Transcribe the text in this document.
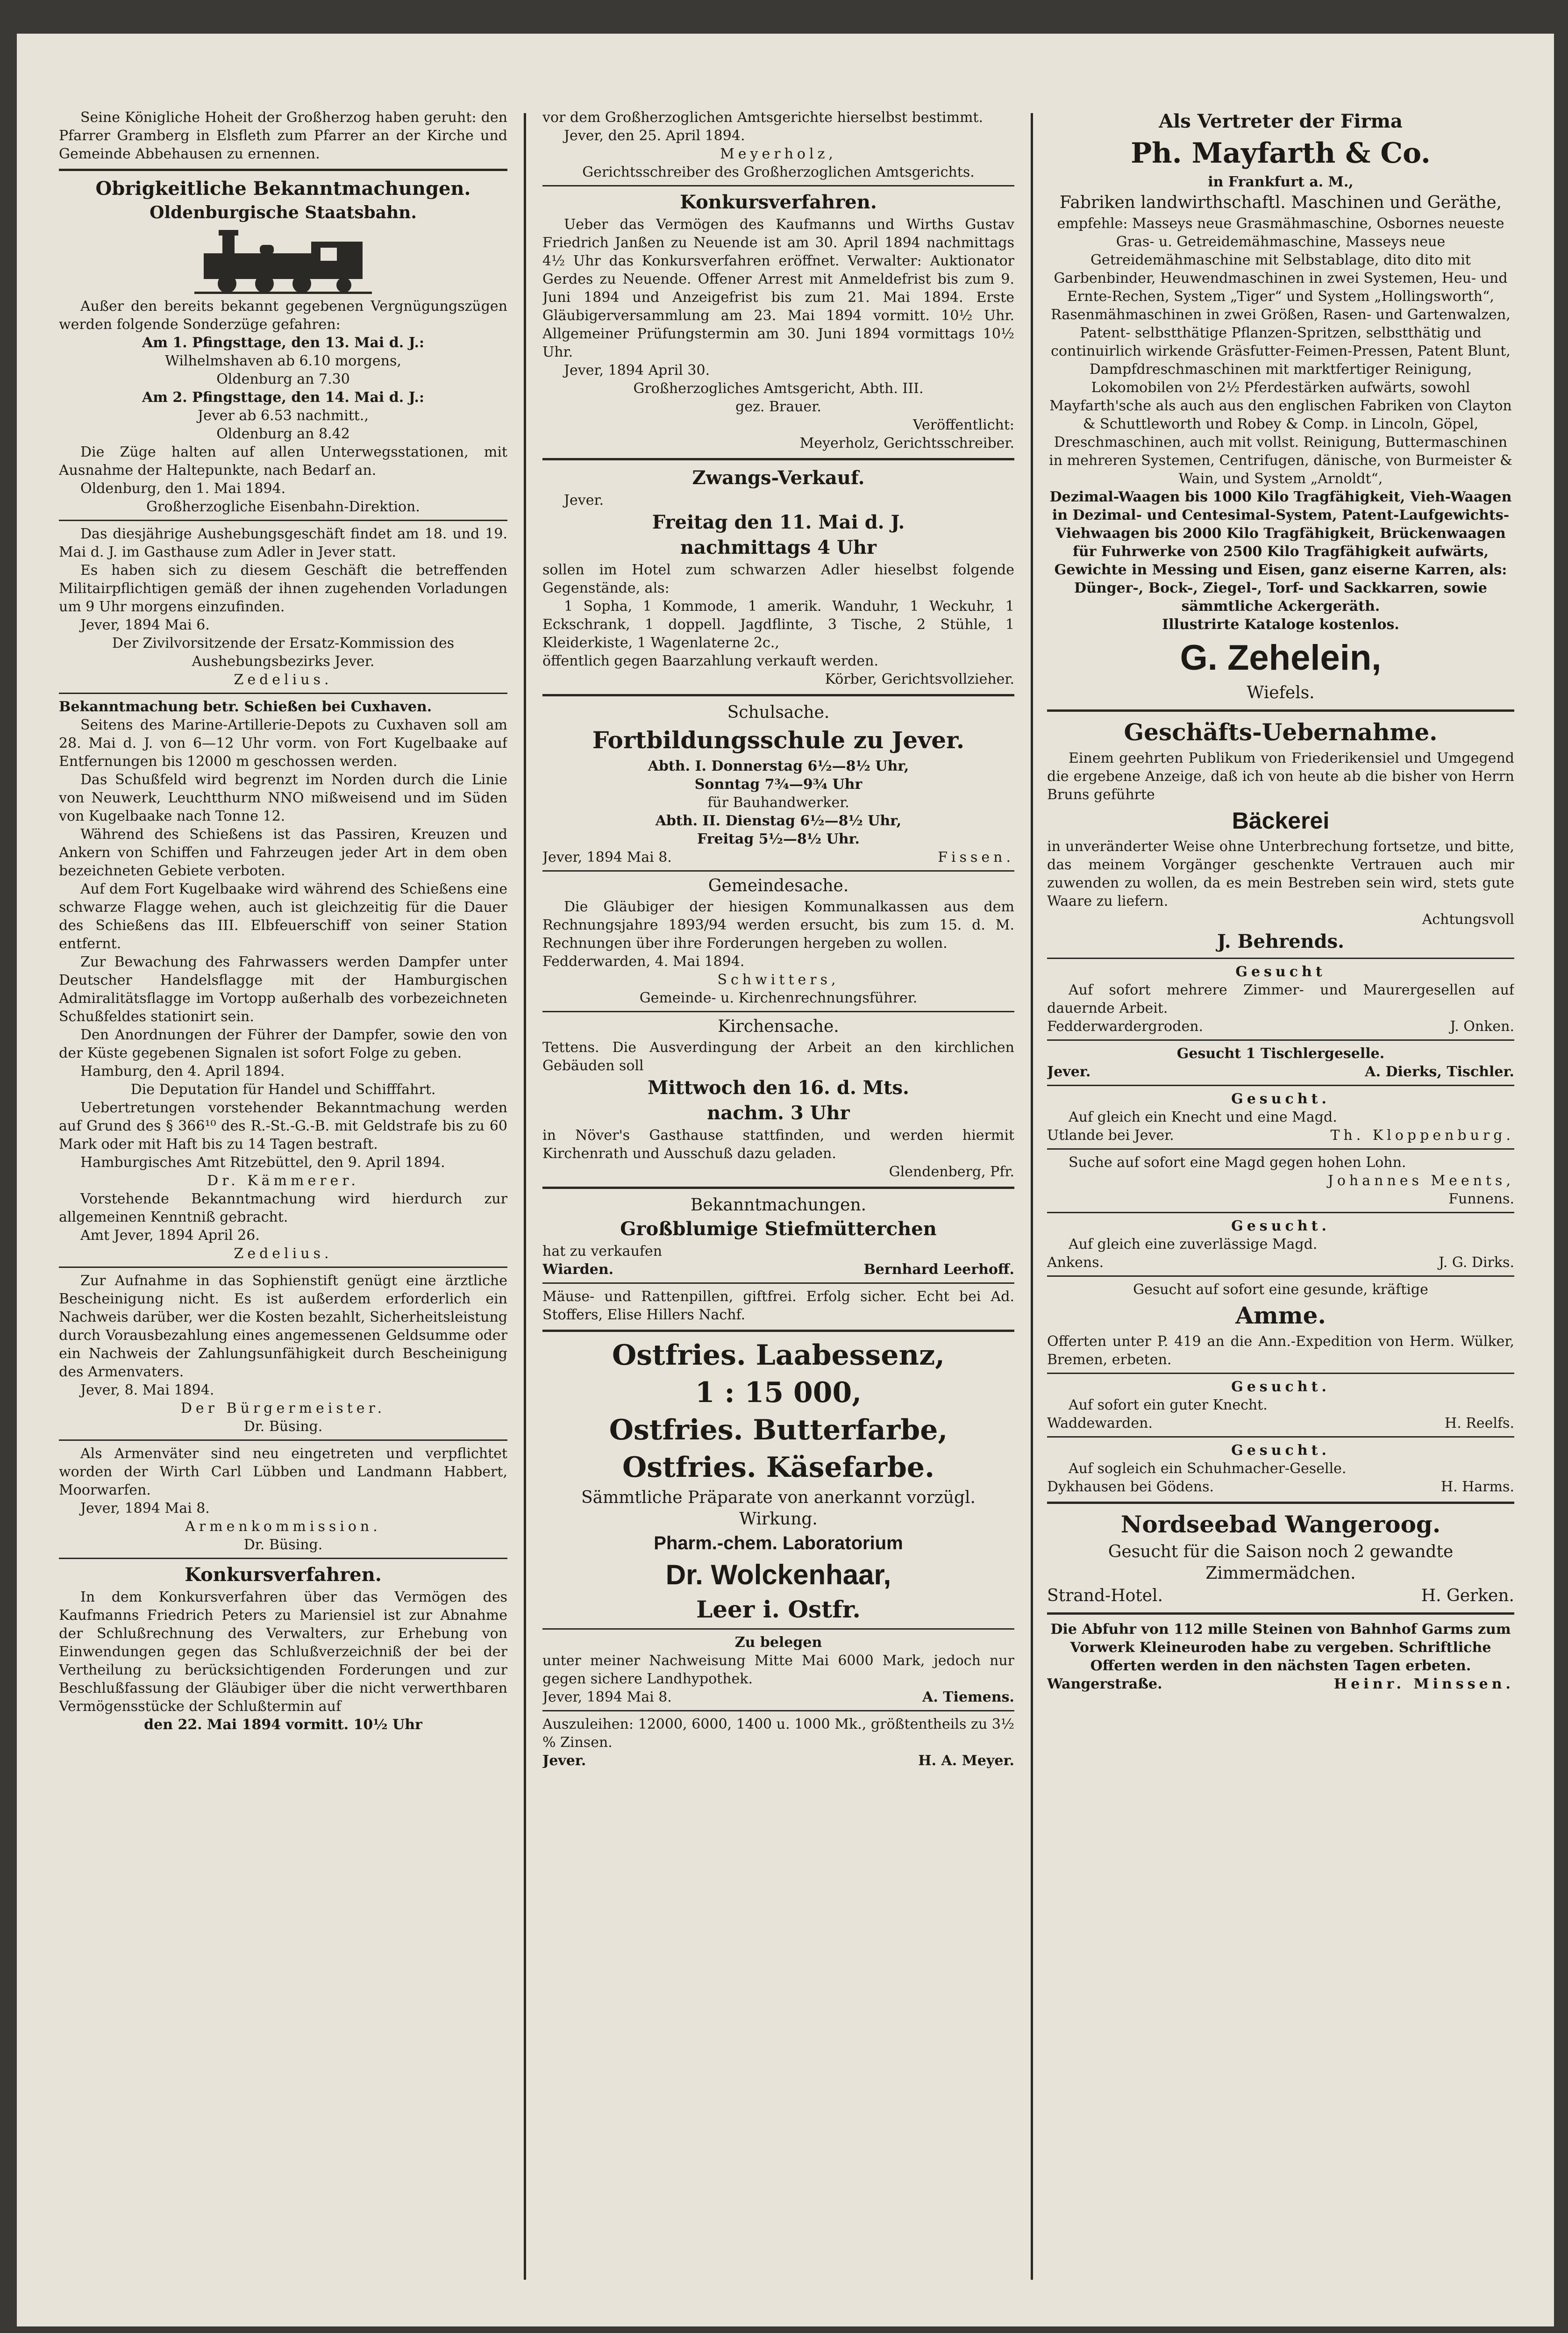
Seine Königliche Hoheit der Großherzog haben geruht: den Pfarrer Gramberg in Elsfleth zum Pfarrer an der Kirche und Gemeinde Abbehausen zu ernennen.

Obrigkeitliche Bekanntmachungen.
Oldenburgische Staatsbahn.

Außer den bereits bekannt gegebenen Vergnügungszügen werden folgende Sonderzüge gefahren:

Am 1. Pfingsttage, den 13. Mai d. J.:

Wilhelmshaven ab 6.10 morgens,

Oldenburg an 7.30

Am 2. Pfingsttage, den 14. Mai d. J.:

Jever ab 6.53 nachmitt.,

Oldenburg an 8.42

Die Züge halten auf allen Unterwegsstationen, mit Ausnahme der Haltepunkte, nach Bedarf an.

Oldenburg, den 1. Mai 1894.

Großherzogliche Eisenbahn-Direktion.

Das diesjährige Aushebungsgeschäft findet am 18. und 19. Mai d. J. im Gasthause zum Adler in Jever statt.

Es haben sich zu diesem Geschäft die betreffenden Militairpflichtigen gemäß der ihnen zugehenden Vorladungen um 9 Uhr morgens einzufinden.

Jever, 1894 Mai 6.

Der Zivilvorsitzende der Ersatz-Kommission des Aushebungsbezirks Jever.

Zedelius.

Bekanntmachung betr. Schießen bei Cuxhaven.

Seitens des Marine-Artillerie-Depots zu Cuxhaven soll am 28. Mai d. J. von 6—12 Uhr vorm. von Fort Kugelbaake auf Entfernungen bis 12000 m geschossen werden.

Das Schußfeld wird begrenzt im Norden durch die Linie von Neuwerk, Leuchtthurm NNO mißweisend und im Süden von Kugelbaake nach Tonne 12.

Während des Schießens ist das Passiren, Kreuzen und Ankern von Schiffen und Fahrzeugen jeder Art in dem oben bezeichneten Gebiete verboten.

Auf dem Fort Kugelbaake wird während des Schießens eine schwarze Flagge wehen, auch ist gleichzeitig für die Dauer des Schießens das III. Elbfeuerschiff von seiner Station entfernt.

Zur Bewachung des Fahrwassers werden Dampfer unter Deutscher Handelsflagge mit der Hamburgischen Admiralitätsflagge im Vortopp außerhalb des vorbezeichneten Schußfeldes stationirt sein.

Den Anordnungen der Führer der Dampfer, sowie den von der Küste gegebenen Signalen ist sofort Folge zu geben.

Hamburg, den 4. April 1894.

Die Deputation für Handel und Schifffahrt.

Uebertretungen vorstehender Bekanntmachung werden auf Grund des § 366¹⁰ des R.-St.-G.-B. mit Geldstrafe bis zu 60 Mark oder mit Haft bis zu 14 Tagen bestraft.

Hamburgisches Amt Ritzebüttel, den 9. April 1894.

Dr. Kämmerer.

Vorstehende Bekanntmachung wird hierdurch zur allgemeinen Kenntniß gebracht.

Amt Jever, 1894 April 26.

Zedelius.

Zur Aufnahme in das Sophienstift genügt eine ärztliche Bescheinigung nicht. Es ist außerdem erforderlich ein Nachweis darüber, wer die Kosten bezahlt, Sicherheitsleistung durch Vorausbezahlung eines angemessenen Geldsumme oder ein Nachweis der Zahlungsunfähigkeit durch Bescheinigung des Armenvaters.

Jever, 8. Mai 1894.

Der Bürgermeister.

Dr. Büsing.

Als Armenväter sind neu eingetreten und verpflichtet worden der Wirth Carl Lübben und Landmann Habbert, Moorwarfen.

Jever, 1894 Mai 8.

Armenkommission.

Dr. Büsing.

Konkursverfahren.

In dem Konkursverfahren über das Vermögen des Kaufmanns Friedrich Peters zu Mariensiel ist zur Abnahme der Schlußrechnung des Verwalters, zur Erhebung von Einwendungen gegen das Schlußverzeichniß der bei der Vertheilung zu berücksichtigenden Forderungen und zur Beschlußfassung der Gläubiger über die nicht verwerthbaren Vermögensstücke der Schlußtermin auf

den 22. Mai 1894 vormitt. 10½ Uhr

vor dem Großherzoglichen Amtsgerichte hierselbst bestimmt.

Jever, den 25. April 1894.

Meyerholz,

Gerichtsschreiber des Großherzoglichen Amtsgerichts.

Konkursverfahren.

Ueber das Vermögen des Kaufmanns und Wirths Gustav Friedrich Janßen zu Neuende ist am 30. April 1894 nachmittags 4½ Uhr das Konkursverfahren eröffnet. Verwalter: Auktionator Gerdes zu Neuende. Offener Arrest mit Anmeldefrist bis zum 9. Juni 1894 und Anzeigefrist bis zum 21. Mai 1894. Erste Gläubigerversammlung am 23. Mai 1894 vormitt. 10½ Uhr. Allgemeiner Prüfungstermin am 30. Juni 1894 vormittags 10½ Uhr.

Jever, 1894 April 30.

Großherzogliches Amtsgericht, Abth. III.

gez. Brauer.

Veröffentlicht:

Meyerholz, Gerichtsschreiber.

Zwangs-Verkauf.

Jever.

Freitag den 11. Mai d. J.
nachmittags 4 Uhr

sollen im Hotel zum schwarzen Adler hieselbst folgende Gegenstände, als:

1 Sopha, 1 Kommode, 1 amerik. Wanduhr, 1 Weckuhr, 1 Eckschrank, 1 doppell. Jagdflinte, 3 Tische, 2 Stühle, 1 Kleiderkiste, 1 Wagenlaterne 2c.,

öffentlich gegen Baarzahlung verkauft werden.

Körber, Gerichtsvollzieher.

Schulsache.
Fortbildungsschule zu Jever.

Abth. I. Donnerstag 6½—8½ Uhr,

Sonntag 7¾—9¾ Uhr

für Bauhandwerker.

Abth. II. Dienstag 6½—8½ Uhr,

Freitag 5½—8½ Uhr.

Jever, 1894 Mai 8.	Fissen.
Gemeindesache.

Die Gläubiger der hiesigen Kommunalkassen aus dem Rechnungsjahre 1893/94 werden ersucht, bis zum 15. d. M. Rechnungen über ihre Forderungen hergeben zu wollen.

Fedderwarden, 4. Mai 1894.

Schwitters,

Gemeinde- u. Kirchenrechnungsführer.

Kirchensache.

Tettens. Die Ausverdingung der Arbeit an den kirchlichen Gebäuden soll

Mittwoch den 16. d. Mts.
nachm. 3 Uhr

in Növer's Gasthause stattfinden, und werden hiermit Kirchenrath und Ausschuß dazu geladen.

Glendenberg, Pfr.

Bekanntmachungen.
Großblumige Stiefmütterchen

hat zu verkaufen

Wiarden.	Bernhard Leerhoff.

Mäuse- und Rattenpillen, giftfrei. Erfolg sicher. Echt bei Ad. Stoffers, Elise Hillers Nachf.

Ostfries. Laabessenz,
1 : 15 000,
Ostfries. Butterfarbe,
Ostfries. Käsefarbe.
Sämmtliche Präparate von anerkannt vorzügl. Wirkung.
Pharm.-chem. Laboratorium
Dr. Wolckenhaar,
Leer i. Ostfr.

Zu belegen

unter meiner Nachweisung Mitte Mai 6000 Mark, jedoch nur gegen sichere Landhypothek.

Jever, 1894 Mai 8.	A. Tiemens.

Auszuleihen: 12000, 6000, 1400 u. 1000 Mk., größtentheils zu 3½ % Zinsen.

Jever.	H. A. Meyer.
Als Vertreter der Firma
Ph. Mayfarth & Co.

in Frankfurt a. M.,

Fabriken landwirthschaftl. Maschinen und Geräthe,

empfehle: Masseys neue Grasmähmaschine, Osbornes neueste Gras- u. Getreidemähmaschine, Masseys neue Getreidemähmaschine mit Selbstablage, dito dito mit Garbenbinder, Heuwendmaschinen in zwei Systemen, Heu- und Ernte-Rechen, System „Tiger“ und System „Hollingsworth“, Rasenmähmaschinen in zwei Größen, Rasen- und Gartenwalzen, Patent- selbstthätige Pflanzen-Spritzen, selbstthätig und continuirlich wirkende Gräsfutter-Feimen-Pressen, Patent Blunt, Dampfdreschmaschinen mit marktfertiger Reinigung, Lokomobilen von 2½ Pferdestärken aufwärts, sowohl Mayfarth'sche als auch aus den englischen Fabriken von Clayton & Schuttleworth und Robey & Comp. in Lincoln, Göpel, Dreschmaschinen, auch mit vollst. Reinigung, Buttermaschinen in mehreren Systemen, Centrifugen, dänische, von Burmeister & Wain, und System „Arnoldt“,

Dezimal-Waagen bis 1000 Kilo Tragfähigkeit, Vieh-Waagen in Dezimal- und Centesimal-System, Patent-Laufgewichts-Viehwaagen bis 2000 Kilo Tragfähigkeit, Brückenwaagen für Fuhrwerke von 2500 Kilo Tragfähigkeit aufwärts, Gewichte in Messing und Eisen, ganz eiserne Karren, als: Dünger-, Bock-, Ziegel-, Torf- und Sackkarren, sowie sämmtliche Ackergeräth.

Illustrirte Kataloge kostenlos.

G. Zehelein,
Wiefels.
Geschäfts-Uebernahme.

Einem geehrten Publikum von Friederikensiel und Umgegend die ergebene Anzeige, daß ich von heute ab die bisher von Herrn Bruns geführte

Bäckerei

in unveränderter Weise ohne Unterbrechung fortsetze, und bitte, das meinem Vorgänger geschenkte Vertrauen auch mir zuwenden zu wollen, da es mein Bestreben sein wird, stets gute Waare zu liefern.

Achtungsvoll

J. Behrends.

Gesucht

Auf sofort mehrere Zimmer- und Maurergesellen auf dauernde Arbeit.

Fedderwardergroden.	J. Onken.

Gesucht 1 Tischlergeselle.

Jever.	A. Dierks, Tischler.

Gesucht.

Auf gleich ein Knecht und eine Magd.

Utlande bei Jever.	Th. Kloppenburg.

Suche auf sofort eine Magd gegen hohen Lohn.

Johannes Meents,

Funnens.

Gesucht.

Auf gleich eine zuverlässige Magd.

Ankens.	J. G. Dirks.

Gesucht auf sofort eine gesunde, kräftige

Amme.

Offerten unter P. 419 an die Ann.-Expedition von Herm. Wülker, Bremen, erbeten.

Gesucht.

Auf sofort ein guter Knecht.

Waddewarden.	H. Reelfs.

Gesucht.

Auf sogleich ein Schuhmacher-Geselle.

Dykhausen bei Gödens.	H. Harms.
Nordseebad Wangeroog.
Gesucht für die Saison noch 2 gewandte Zimmermädchen.
Strand-Hotel.	H. Gerken.

Die Abfuhr von 112 mille Steinen von Bahnhof Garms zum Vorwerk Kleineuroden habe zu vergeben. Schriftliche Offerten werden in den nächsten Tagen erbeten.

Wangerstraße.	Heinr. Minssen.
